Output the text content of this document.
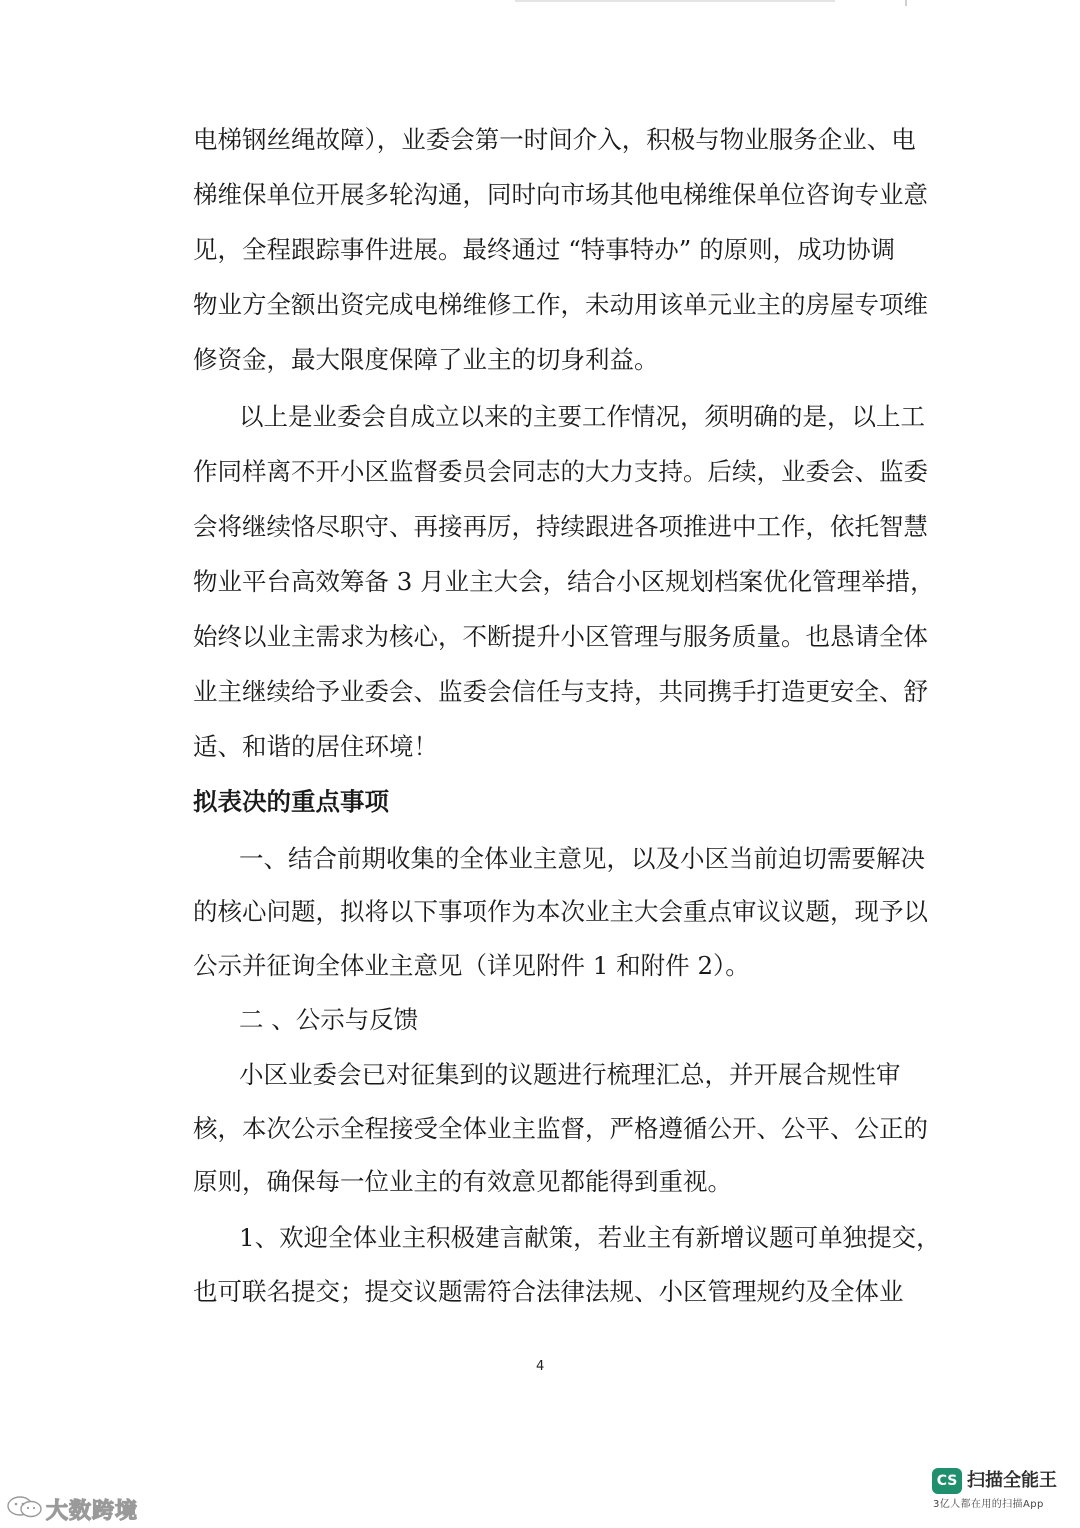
电梯钢丝绳故障），业委会第一时间介入，积极与物业服务企业、电
梯维保单位开展多轮沟通，同时向市场其他电梯维保单位咨询专业意
见，全程跟踪事件进展。最终通过 “特事特办” 的原则，成功协调
物业方全额出资完成电梯维修工作，未动用该单元业主的房屋专项维
修资金，最大限度保障了业主的切身利益。
以上是业委会自成立以来的主要工作情况，须明确的是，以上工
作同样离不开小区监督委员会同志的大力支持。后续，业委会、监委
会将继续恪尽职守、再接再厉，持续跟进各项推进中工作，依托智慧
物业平台高效筹备 3 月业主大会，结合小区规划档案优化管理举措，
始终以业主需求为核心，不断提升小区管理与服务质量。也恳请全体
业主继续给予业委会、监委会信任与支持，共同携手打造更安全、舒
适、和谐的居住环境！
拟表决的重点事项
一、结合前期收集的全体业主意见，以及小区当前迫切需要解决
的核心问题，拟将以下事项作为本次业主大会重点审议议题，现予以
公示并征询全体业主意见（详见附件 1 和附件 2）。
二 、公示与反馈
小区业委会已对征集到的议题进行梳理汇总，并开展合规性审
核，本次公示全程接受全体业主监督，严格遵循公开、公平、公正的
原则，确保每一位业主的有效意见都能得到重视。
1、欢迎全体业主积极建言献策，若业主有新增议题可单独提交，
也可联名提交；提交议题需符合法律法规、小区管理规约及全体业
4
大数跨境
CS 扫描全能王
3亿人都在用的扫描App
